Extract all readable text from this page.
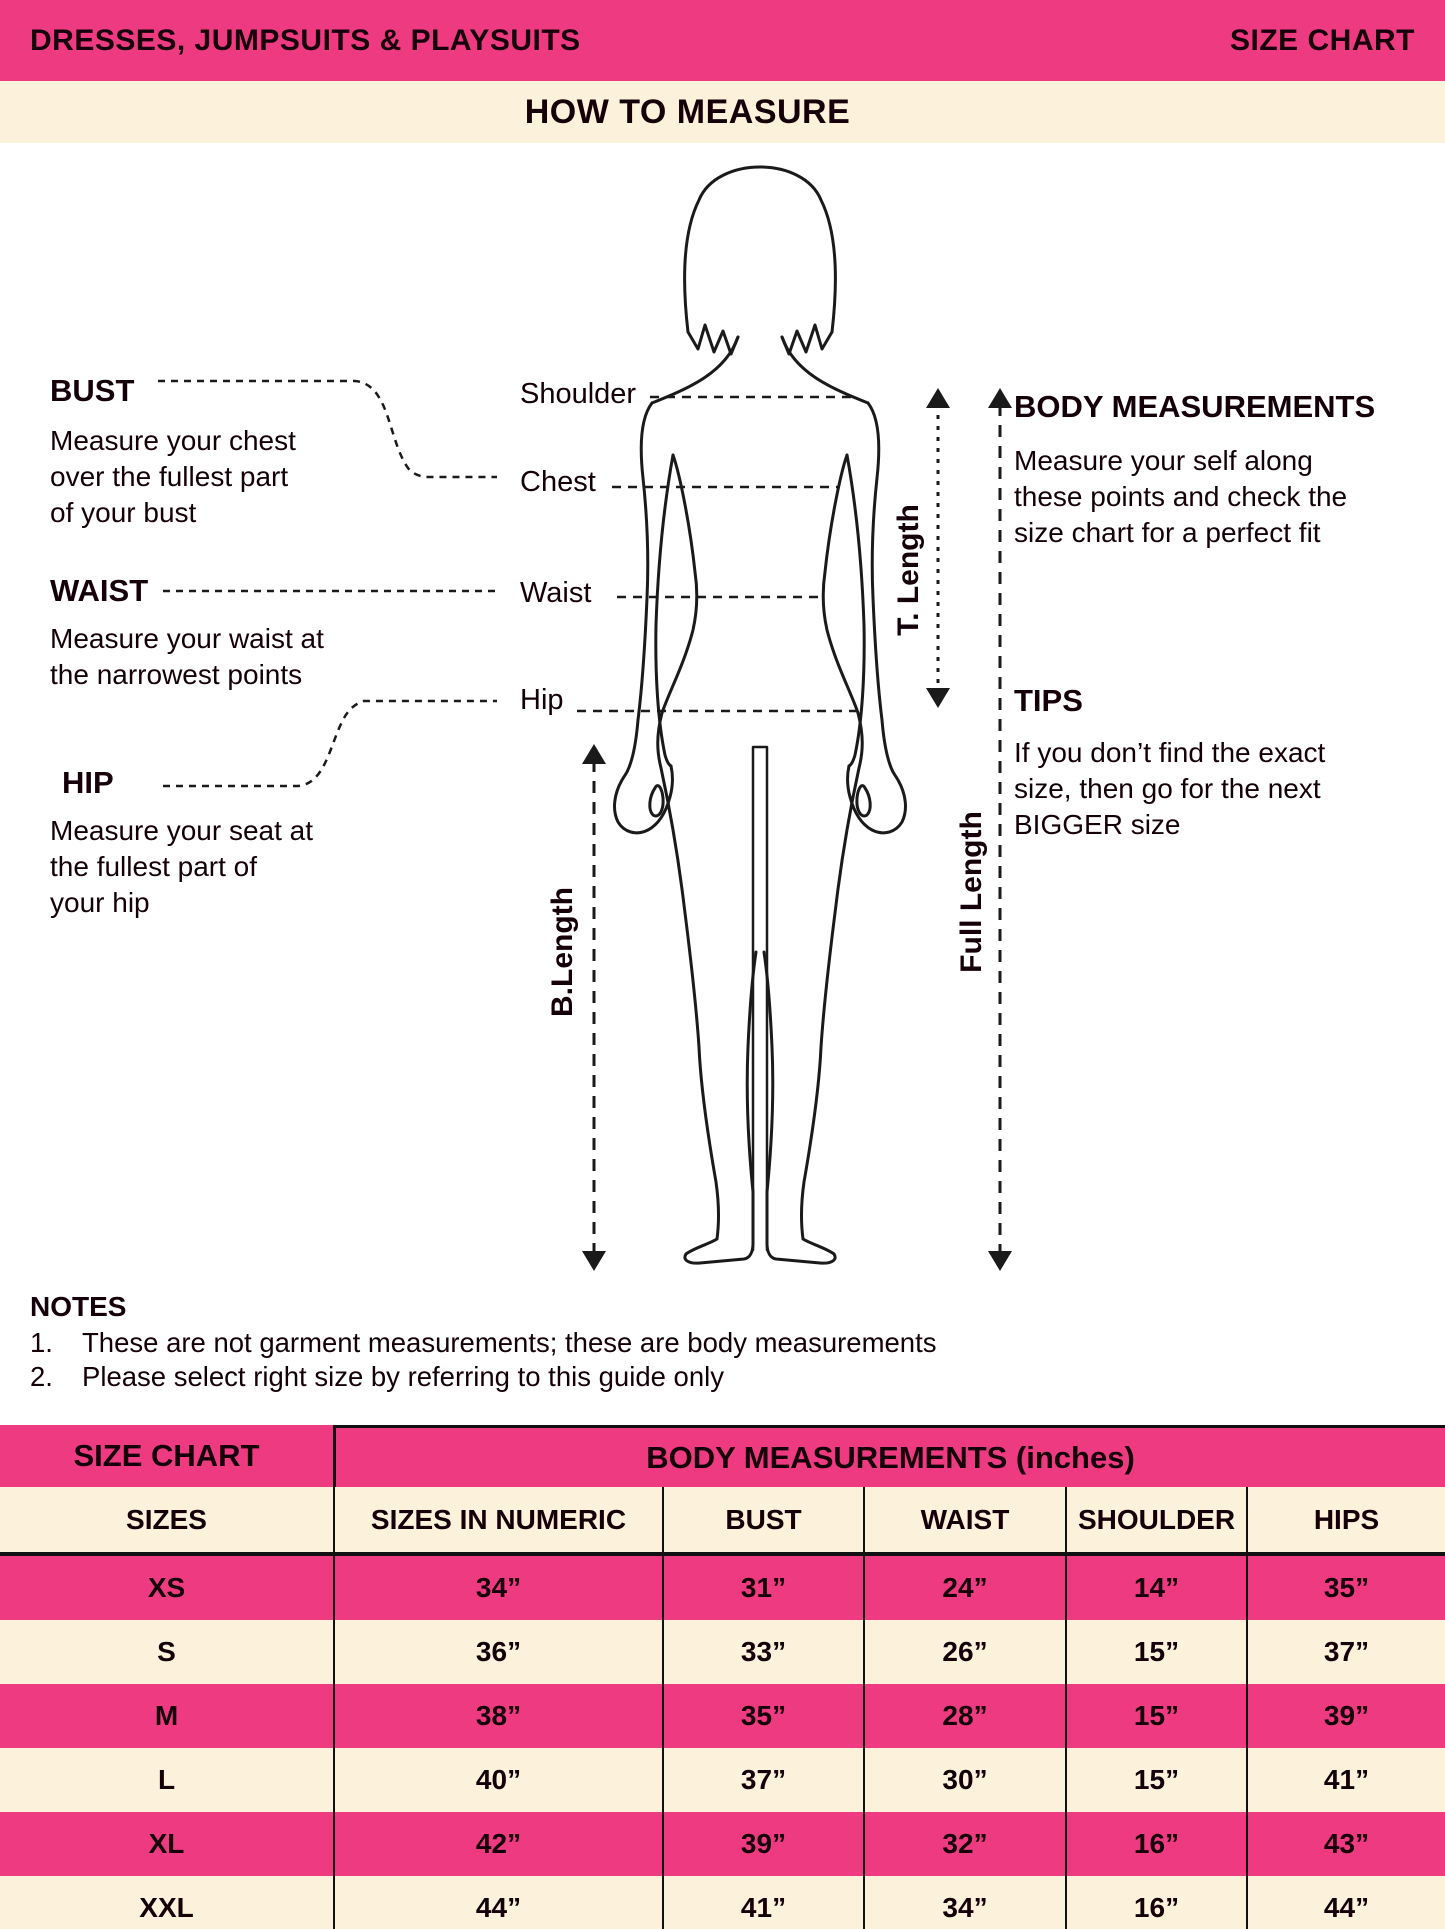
DRESSES, JUMPSUITS & PLAYSUITS	SIZE CHART
HOW TO MEASURE
T. Length
Full Length
B.Length
BUST
Measure your chest
over the fullest part
of your bust
WAIST
Measure your waist at
the narrowest points
HIP
Measure your seat at
the fullest part of
your hip
Shoulder
Chest
Waist
Hip
BODY MEASUREMENTS
Measure your self along
these points and check the
size chart for a perfect fit
TIPS
If you don’t find the exact
size, then go for the next
BIGGER size
NOTES
1. These are not garment measurements; these are body measurements
2. Please select right size by referring to this guide only
SIZE CHART	BODY MEASUREMENTS (inches)
SIZES	SIZES IN NUMERIC	BUST	WAIST	SHOULDER	HIPS
XS	34”	31”	24”	14”	35”
S	36”	33”	26”	15”	37”
M	38”	35”	28”	15”	39”
L	40”	37”	30”	15”	41”
XL	42”	39”	32”	16”	43”
XXL	44”	41”	34”	16”	44”
